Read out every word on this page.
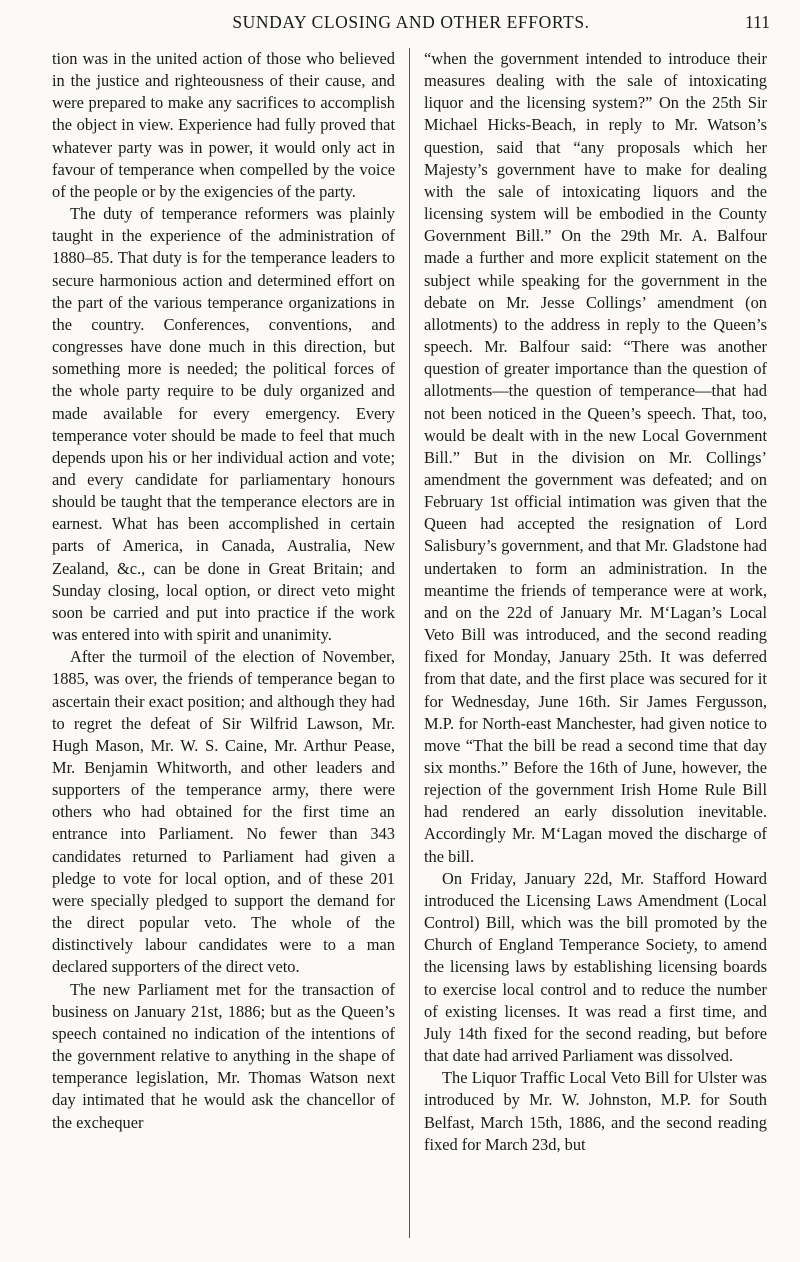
SUNDAY CLOSING AND OTHER EFFORTS.	111

tion was in the united action of those who believed in the justice and righteousness of their cause, and were prepared to make any sacrifices to accomplish the object in view. Experience had fully proved that whatever party was in power, it would only act in favour of temperance when compelled by the voice of the people or by the exigencies of the party.

The duty of temperance reformers was plainly taught in the experience of the administration of 1880–85. That duty is for the temperance leaders to secure harmonious action and determined effort on the part of the various temperance organizations in the country. Conferences, conventions, and congresses have done much in this direction, but something more is needed; the political forces of the whole party require to be duly organized and made available for every emergency. Every temperance voter should be made to feel that much depends upon his or her individual action and vote; and every candidate for parliamentary honours should be taught that the temperance electors are in earnest. What has been accomplished in certain parts of America, in Canada, Australia, New Zealand, &c., can be done in Great Britain; and Sunday closing, local option, or direct veto might soon be carried and put into practice if the work was entered into with spirit and unanimity.

After the turmoil of the election of November, 1885, was over, the friends of temperance began to ascertain their exact position; and although they had to regret the defeat of Sir Wilfrid Lawson, Mr. Hugh Mason, Mr. W. S. Caine, Mr. Arthur Pease, Mr. Benjamin Whitworth, and other leaders and supporters of the temperance army, there were others who had obtained for the first time an entrance into Parliament. No fewer than 343 candidates returned to Parliament had given a pledge to vote for local option, and of these 201 were specially pledged to support the demand for the direct popular veto. The whole of the distinctively labour candidates were to a man declared supporters of the direct veto.

The new Parliament met for the transaction of business on January 21st, 1886; but as the Queen’s speech contained no indication of the intentions of the government relative to anything in the shape of temperance legislation, Mr. Thomas Watson next day intimated that he would ask the chancellor of the exchequer

“when the government intended to introduce their measures dealing with the sale of intoxicating liquor and the licensing system?” On the 25th Sir Michael Hicks-Beach, in reply to Mr. Watson’s question, said that “any proposals which her Majesty’s government have to make for dealing with the sale of intoxicating liquors and the licensing system will be embodied in the County Government Bill.” On the 29th Mr. A. Balfour made a further and more explicit statement on the subject while speaking for the government in the debate on Mr. Jesse Collings’ amendment (on allotments) to the address in reply to the Queen’s speech. Mr. Balfour said: “There was another question of greater importance than the question of allotments—the question of temperance—that had not been noticed in the Queen’s speech. That, too, would be dealt with in the new Local Government Bill.” But in the division on Mr. Collings’ amendment the government was defeated; and on February 1st official intimation was given that the Queen had accepted the resignation of Lord Salisbury’s government, and that Mr. Gladstone had undertaken to form an administration. In the meantime the friends of temperance were at work, and on the 22d of January Mr. M‘Lagan’s Local Veto Bill was introduced, and the second reading fixed for Monday, January 25th. It was deferred from that date, and the first place was secured for it for Wednesday, June 16th. Sir James Fergusson, M.P. for North-east Manchester, had given notice to move “That the bill be read a second time that day six months.” Before the 16th of June, however, the rejection of the government Irish Home Rule Bill had rendered an early dissolution inevitable. Accordingly Mr. M‘Lagan moved the discharge of the bill.

On Friday, January 22d, Mr. Stafford Howard introduced the Licensing Laws Amendment (Local Control) Bill, which was the bill promoted by the Church of England Temperance Society, to amend the licensing laws by establishing licensing boards to exercise local control and to reduce the number of existing licenses. It was read a first time, and July 14th fixed for the second reading, but before that date had arrived Parliament was dissolved.

The Liquor Traffic Local Veto Bill for Ulster was introduced by Mr. W. Johnston, M.P. for South Belfast, March 15th, 1886, and the second reading fixed for March 23d, but
